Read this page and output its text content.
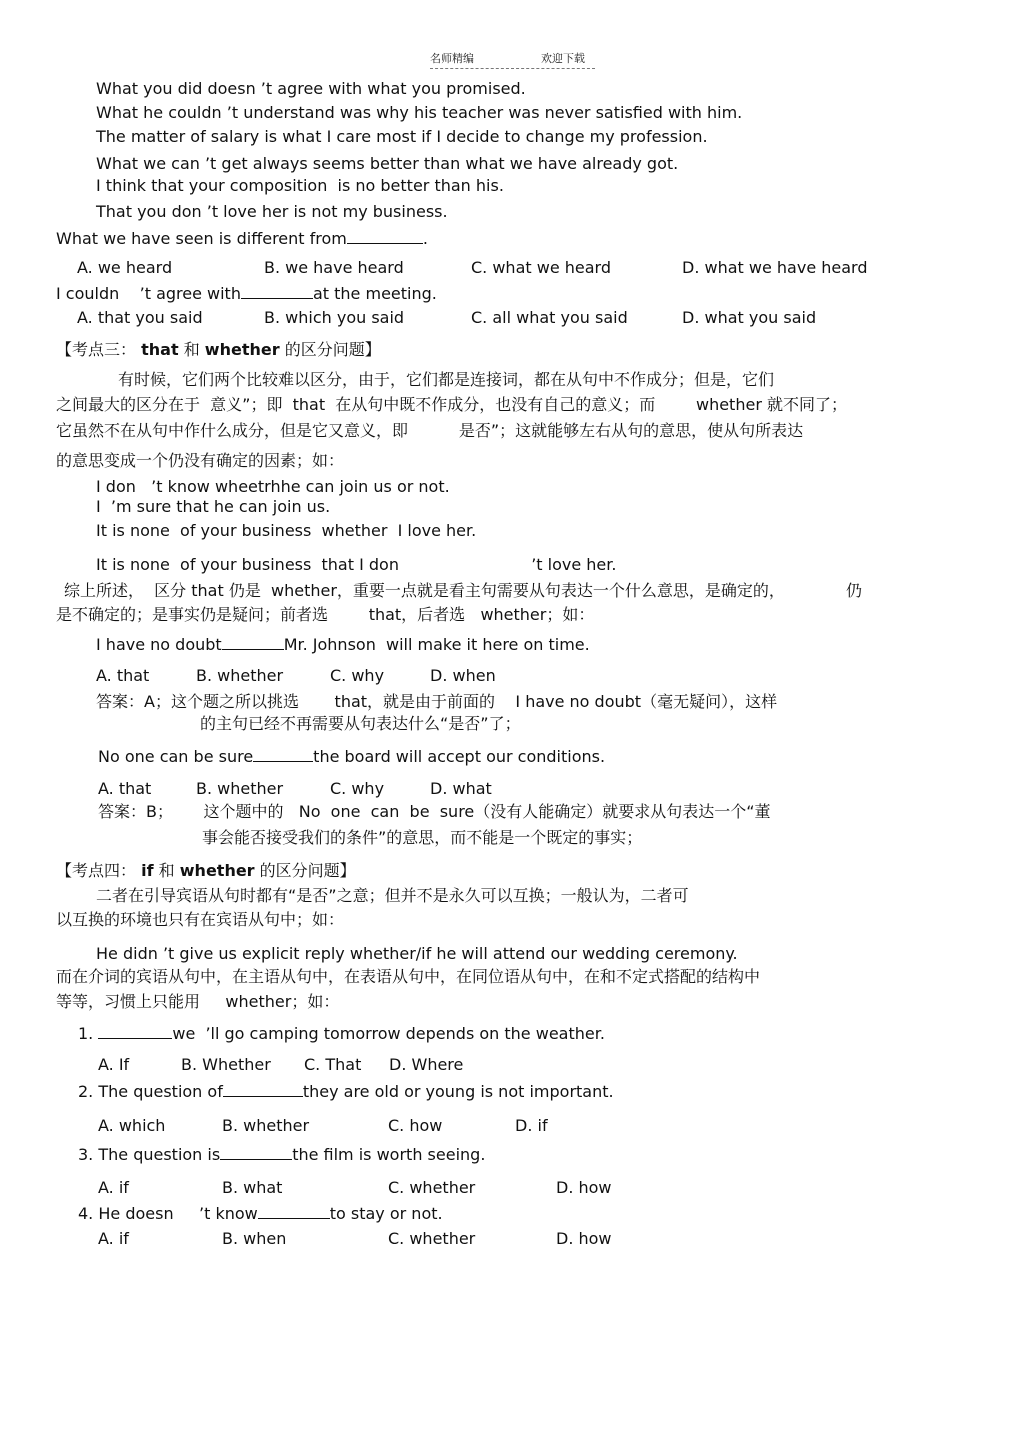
名师精编	欢迎下载
What you did doesn ’t agree with what you promised.
What he couldn ’t understand was why his teacher was never satisfied with him.
The matter of salary is what I care most if I decide to change my profession.
What we can ’t get always seems better than what we have already got.
I think that your composition  is no better than his.
That you don ’t love her is not my business.
What we have seen is different from	.
A. we heard	B. we have heard	C. what we heard	D. what we have heard
I couldn    ’t agree with	at the meeting.
A. that you said	B. which you said	C. all what you said	D. what you said
【考点三： that 和 whether 的区分问题】
有时候，它们两个比较难以区分，由于，它们都是连接词，都在从句中不作成分；但是，它们
之间最大的区分在于  意义”；即  that  在从句中既不作成分，也没有自己的意义；而        whether 就不同了；
它虽然不在从句中作什么成分，但是它又意义，即          是否”；这就能够左右从句的意思，使从句所表达
的意思变成一个仍没有确定的因素；如：
I don   ’t know wheetrhhe can join us or not.
I  ’m sure that he can join us.
It is none  of your business  whether  I love her.
It is none  of your business  that I don                          ’t love her.
综上所述，  区分 that 仍是  whether，重要一点就是看主句需要从句表达一个什么意思，是确定的，            仍
是不确定的；是事实仍是疑问；前者选        that，后者选   whether；如：
I have no doubt	Mr. Johnson  will make it here on time.
A. that	B. whether	C. why	D. when
答案：A；这个题之所以挑选       that，就是由于前面的    I have no doubt（毫无疑问），这样
的主句已经不再需要从句表达什么“是否”了；
No one can be sure	the board will accept our conditions.
A. that	B. whether	C. why	D. what
答案：B；      这个题中的   No  one  can  be  sure（没有人能确定）就要求从句表达一个“董
事会能否接受我们的条件”的意思，而不能是一个既定的事实；
【考点四： if 和 whether 的区分问题】
二者在引导宾语从句时都有“是否”之意；但并不是永久可以互换；一般认为，二者可
以互换的环境也只有在宾语从句中；如：
He didn ’t give us explicit reply whether/if he will attend our wedding ceremony.
而在介词的宾语从句中，在主语从句中，在表语从句中，在同位语从句中，在和不定式搭配的结构中
等等，习惯上只能用     whether；如：
1.	we  ’ll go camping tomorrow depends on the weather.
A. If	B. Whether C. That D. Where
2. The question of	they are old or young is not important.
A. which	B. whether	C. how	D. if
3. The question is	the film is worth seeing.
A. if	B. what	C. whether	D. how
4. He doesn     ’t know	to stay or not.
A. if	B. when	C. whether	D. how
